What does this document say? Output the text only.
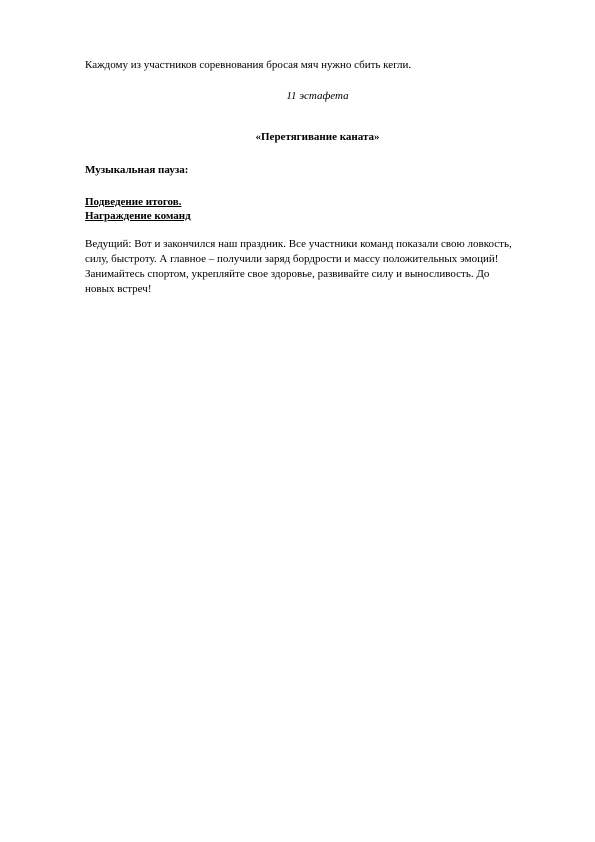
Каждому из участников соревнования бросая мяч нужно сбить кегли.
11 эстафета
«Перетягивание каната»
Музыкальная пауза:
Подведение итогов.
Награждение команд
Ведущий: Вот и закончился наш праздник. Все участники команд показали свою ловкость,
силу, быстроту. А главное – получили заряд бордрости и массу положительных эмоций!
Занимайтесь спортом, укрепляйте свое здоровье, развивайте силу и выносливость. До
новых встреч!
